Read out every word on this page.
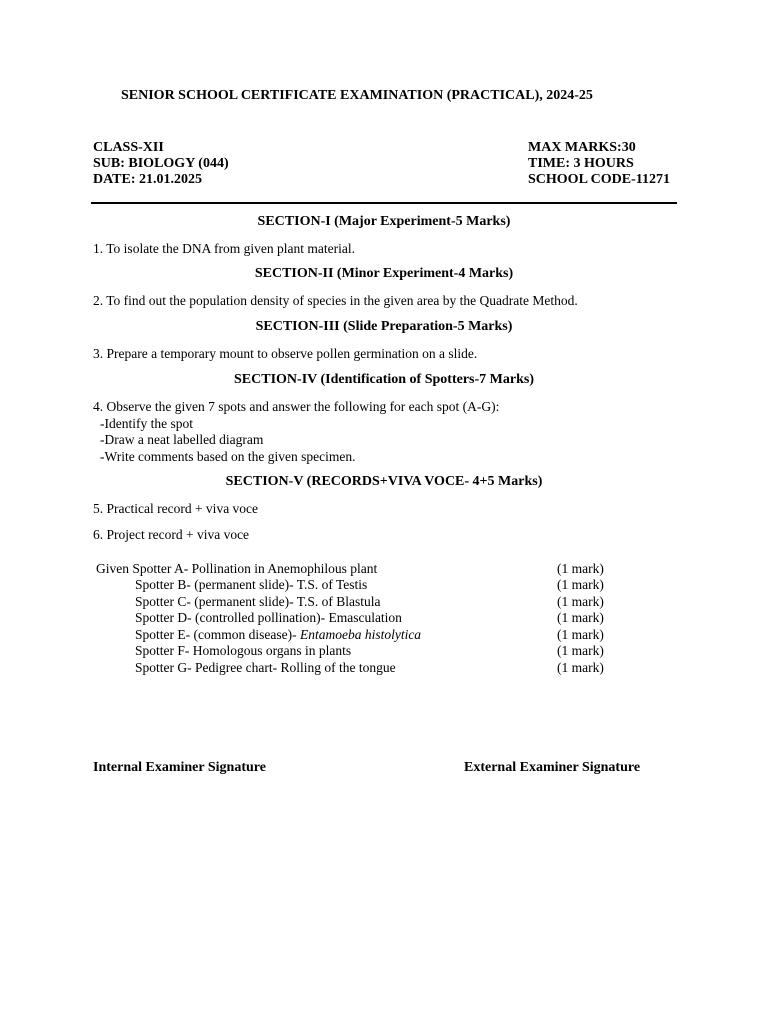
SENIOR SCHOOL CERTIFICATE EXAMINATION (PRACTICAL), 2024-25
CLASS-XII
SUB: BIOLOGY (044)
DATE: 21.01.2025
MAX MARKS:30
TIME: 3 HOURS
SCHOOL CODE-11271
SECTION-I (Major Experiment-5 Marks)
1. To isolate the DNA from given plant material.
SECTION-II (Minor Experiment-4 Marks)
2. To find out the population density of species in the given area by the Quadrate Method.
SECTION-III (Slide Preparation-5 Marks)
3. Prepare a temporary mount to observe pollen germination on a slide.
SECTION-IV (Identification of Spotters-7 Marks)
4. Observe the given 7 spots and answer the following for each spot (A-G):
-Identify the spot
-Draw a neat labelled diagram
-Write comments based on the given specimen.
SECTION-V (RECORDS+VIVA VOCE- 4+5 Marks)
5. Practical record + viva voce
6. Project record + viva voce
Given Spotter A- Pollination in Anemophilous plant	(1 mark)
Spotter B- (permanent slide)- T.S. of Testis	(1 mark)
Spotter C- (permanent slide)- T.S. of Blastula	(1 mark)
Spotter D- (controlled pollination)- Emasculation	(1 mark)
Spotter E- (common disease)- Entamoeba histolytica	(1 mark)
Spotter F- Homologous organs in plants	(1 mark)
Spotter G- Pedigree chart- Rolling of the tongue	(1 mark)
Internal Examiner Signature	External Examiner Signature
